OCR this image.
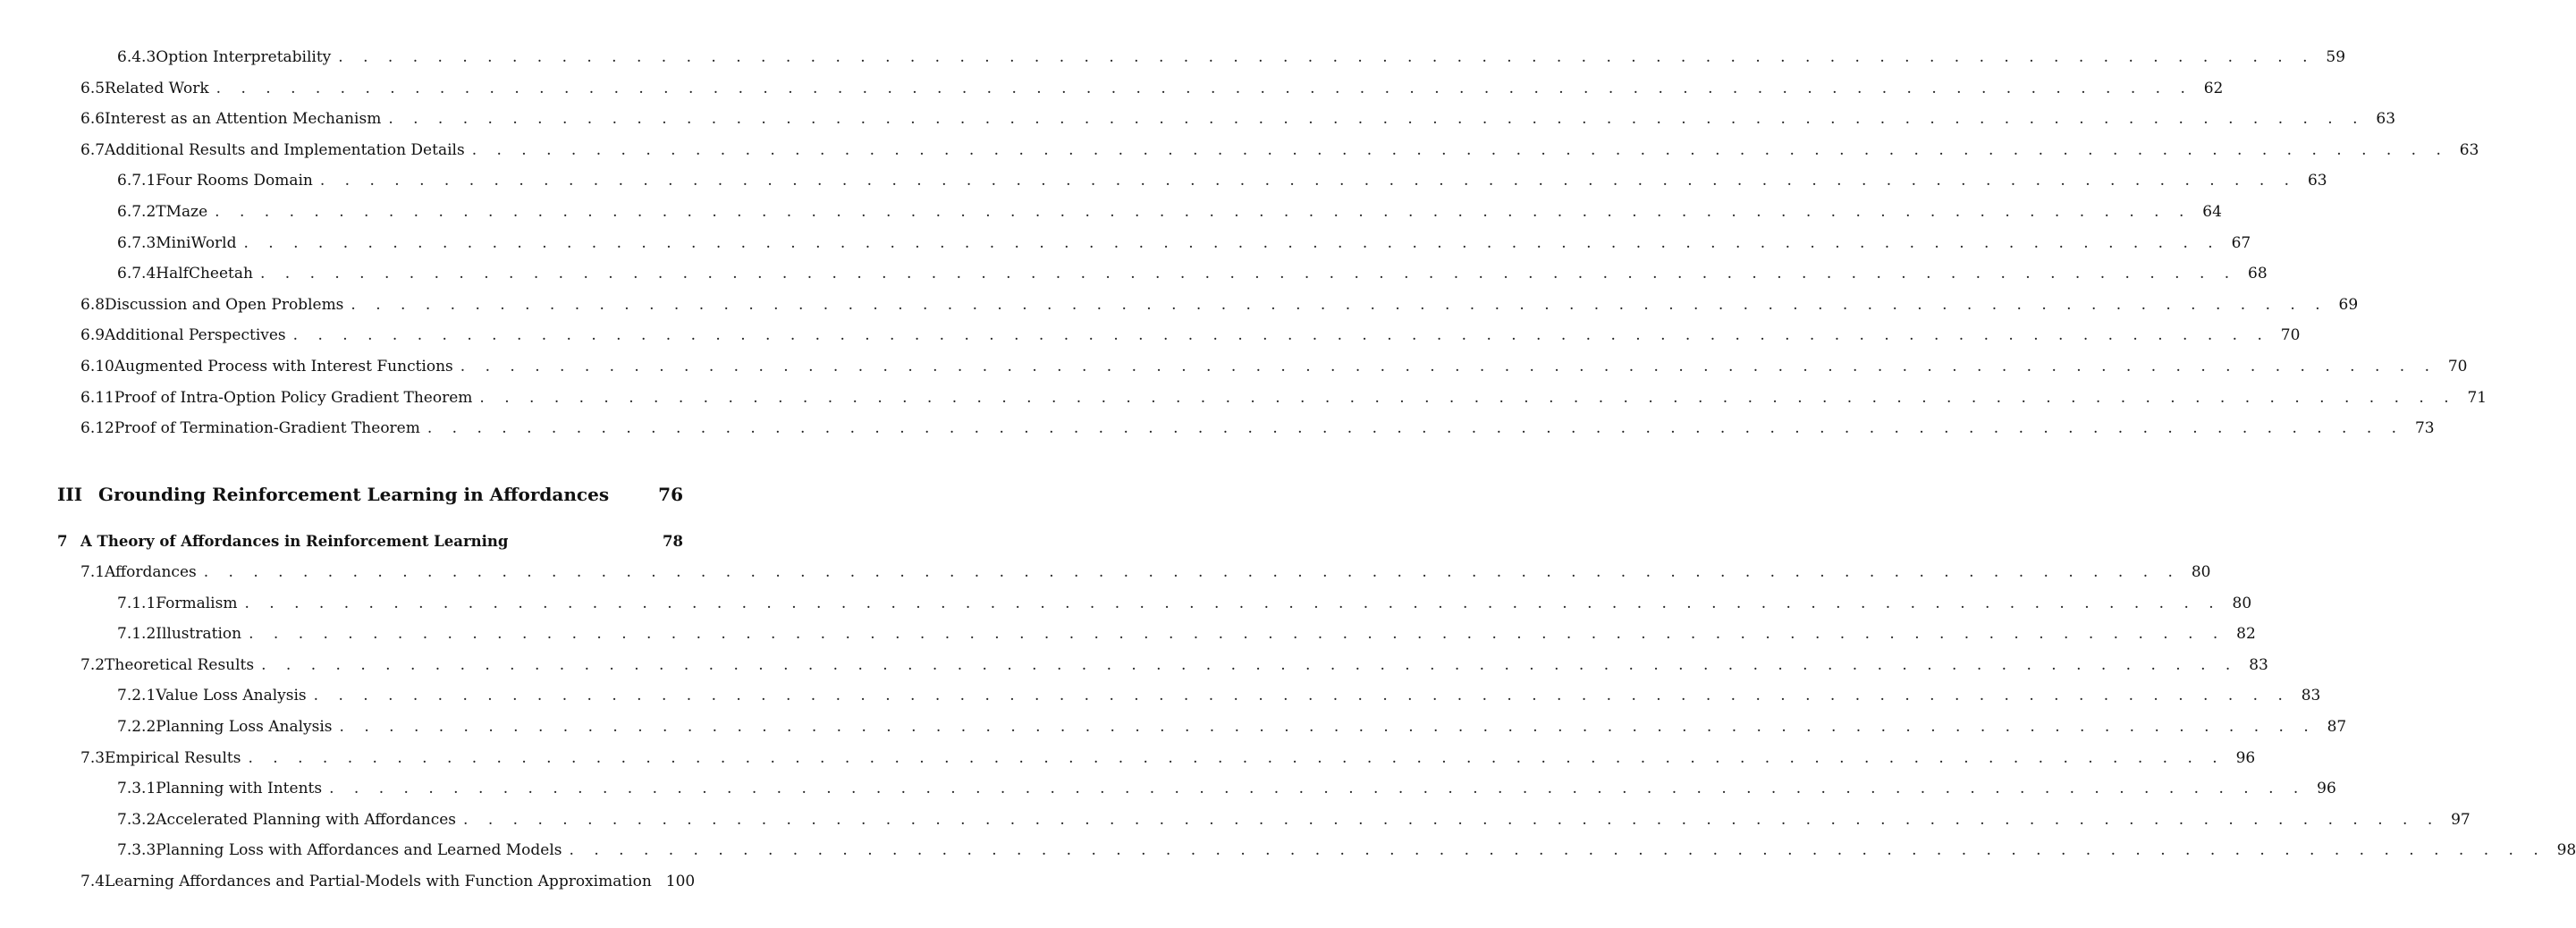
6.4.3 Option Interpretability . . . . . . . . . . . . . . . . . . . . . . . . . . . . . . . . . . . . . . . . . . . . . . . . . . . . . . . . . . . . . . . . . . . . . . . . . . . . . . . . 59
6.5 Related Work . . . . . . . . . . . . . . . . . . . . . . . . . . . . . . . . . . . . . . . . . . . . . . . . . . . . . . . . . . . . . . . . . . . . . . . . . . . . . . . . 62
6.6 Interest as an Attention Mechanism . . . . . . . . . . . . . . . . . . . . . . . . . . . . . . . . . . . . . . . . . . . . . . . . . . . . . . . . . . . . . . . . . . . . . . . . . . . . . . . . 63
6.7 Additional Results and Implementation Details . . . . . . . . . . . . . . . . . . . . . . . . . . . . . . . . . . . . . . . . . . . . . . . . . . . . . . . . . . . . . . . . . . . . . . . . . . . . . . . . 63
6.7.1 Four Rooms Domain . . . . . . . . . . . . . . . . . . . . . . . . . . . . . . . . . . . . . . . . . . . . . . . . . . . . . . . . . . . . . . . . . . . . . . . . . . . . . . . . 63
6.7.2 TMaze . . . . . . . . . . . . . . . . . . . . . . . . . . . . . . . . . . . . . . . . . . . . . . . . . . . . . . . . . . . . . . . . . . . . . . . . . . . . . . . . 64
6.7.3 MiniWorld . . . . . . . . . . . . . . . . . . . . . . . . . . . . . . . . . . . . . . . . . . . . . . . . . . . . . . . . . . . . . . . . . . . . . . . . . . . . . . . . 67
6.7.4 HalfCheetah . . . . . . . . . . . . . . . . . . . . . . . . . . . . . . . . . . . . . . . . . . . . . . . . . . . . . . . . . . . . . . . . . . . . . . . . . . . . . . . . 68
6.8 Discussion and Open Problems . . . . . . . . . . . . . . . . . . . . . . . . . . . . . . . . . . . . . . . . . . . . . . . . . . . . . . . . . . . . . . . . . . . . . . . . . . . . . . . . 69
6.9 Additional Perspectives . . . . . . . . . . . . . . . . . . . . . . . . . . . . . . . . . . . . . . . . . . . . . . . . . . . . . . . . . . . . . . . . . . . . . . . . . . . . . . . . 70
6.10 Augmented Process with Interest Functions . . . . . . . . . . . . . . . . . . . . . . . . . . . . . . . . . . . . . . . . . . . . . . . . . . . . . . . . . . . . . . . . . . . . . . . . . . . . . . . . 70
6.11 Proof of Intra-Option Policy Gradient Theorem . . . . . . . . . . . . . . . . . . . . . . . . . . . . . . . . . . . . . . . . . . . . . . . . . . . . . . . . . . . . . . . . . . . . . . . . . . . . . . . . 71
6.12 Proof of Termination-Gradient Theorem . . . . . . . . . . . . . . . . . . . . . . . . . . . . . . . . . . . . . . . . . . . . . . . . . . . . . . . . . . . . . . . . . . . . . . . . . . . . . . . . 73
III Grounding Reinforcement Learning in Affordances	76
7 A Theory of Affordances in Reinforcement Learning	78
7.1 Affordances . . . . . . . . . . . . . . . . . . . . . . . . . . . . . . . . . . . . . . . . . . . . . . . . . . . . . . . . . . . . . . . . . . . . . . . . . . . . . . . . 80
7.1.1 Formalism . . . . . . . . . . . . . . . . . . . . . . . . . . . . . . . . . . . . . . . . . . . . . . . . . . . . . . . . . . . . . . . . . . . . . . . . . . . . . . . . 80
7.1.2 Illustration . . . . . . . . . . . . . . . . . . . . . . . . . . . . . . . . . . . . . . . . . . . . . . . . . . . . . . . . . . . . . . . . . . . . . . . . . . . . . . . . 82
7.2 Theoretical Results . . . . . . . . . . . . . . . . . . . . . . . . . . . . . . . . . . . . . . . . . . . . . . . . . . . . . . . . . . . . . . . . . . . . . . . . . . . . . . . . 83
7.2.1 Value Loss Analysis . . . . . . . . . . . . . . . . . . . . . . . . . . . . . . . . . . . . . . . . . . . . . . . . . . . . . . . . . . . . . . . . . . . . . . . . . . . . . . . . 83
7.2.2 Planning Loss Analysis . . . . . . . . . . . . . . . . . . . . . . . . . . . . . . . . . . . . . . . . . . . . . . . . . . . . . . . . . . . . . . . . . . . . . . . . . . . . . . . . 87
7.3 Empirical Results . . . . . . . . . . . . . . . . . . . . . . . . . . . . . . . . . . . . . . . . . . . . . . . . . . . . . . . . . . . . . . . . . . . . . . . . . . . . . . . . 96
7.3.1 Planning with Intents . . . . . . . . . . . . . . . . . . . . . . . . . . . . . . . . . . . . . . . . . . . . . . . . . . . . . . . . . . . . . . . . . . . . . . . . . . . . . . . . 96
7.3.2 Accelerated Planning with Affordances . . . . . . . . . . . . . . . . . . . . . . . . . . . . . . . . . . . . . . . . . . . . . . . . . . . . . . . . . . . . . . . . . . . . . . . . . . . . . . . . 97
7.3.3 Planning Loss with Affordances and Learned Models . . . . . . . . . . . . . . . . . . . . . . . . . . . . . . . . . . . . . . . . . . . . . . . . . . . . . . . . . . . . . . . . . . . . . . . . . . . . . . . . 98
7.4 Learning Affordances and Partial-Models with Function Approximation 100
